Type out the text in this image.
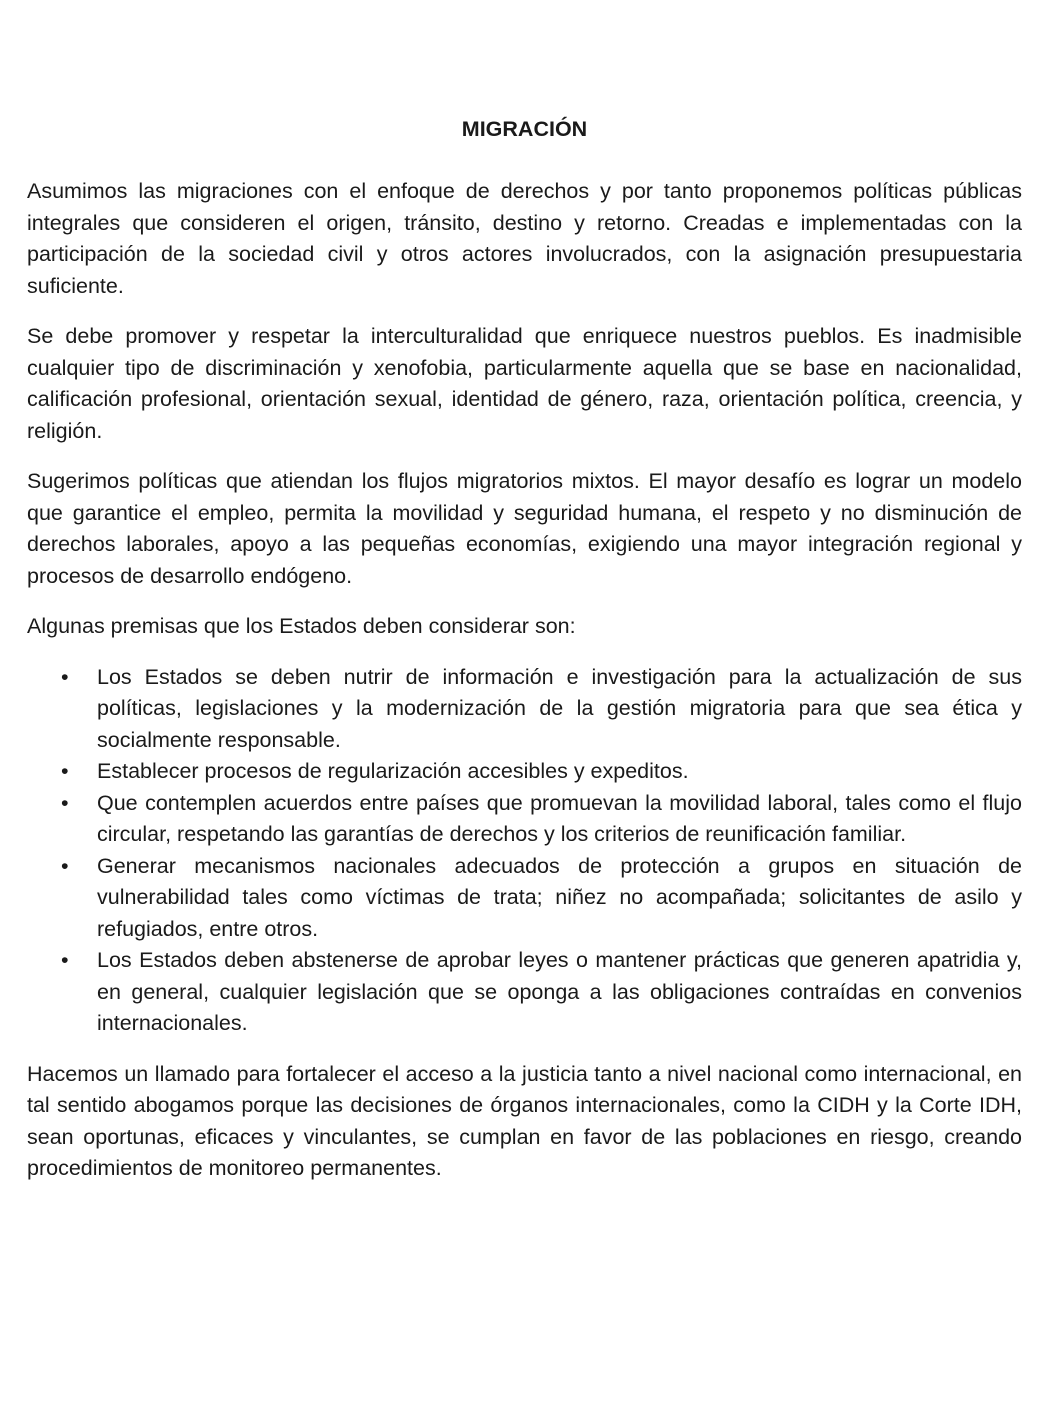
MIGRACIÓN

Asumimos las migraciones con el enfoque de derechos y por tanto proponemos políticas públicas integrales que consideren el origen, tránsito, destino y retorno. Creadas e implementadas con la participación de la sociedad civil y otros actores involucrados, con la asignación presupuestaria suficiente.

Se debe promover y respetar la interculturalidad que enriquece nuestros pueblos. Es inadmisible cualquier tipo de discriminación y xenofobia, particularmente aquella que se base en nacionalidad, calificación profesional, orientación sexual, identidad de género, raza, orientación política, creencia, y religión.

Sugerimos políticas que atiendan los flujos migratorios mixtos. El mayor desafío es lograr un modelo que garantice el empleo, permita la movilidad y seguridad humana, el respeto y no disminución de derechos laborales, apoyo a las pequeñas economías, exigiendo una mayor integración regional y procesos de desarrollo endógeno.

Algunas premisas que los Estados deben considerar son:

• Los Estados se deben nutrir de información e investigación para la actualización de sus políticas, legislaciones y la modernización de la gestión migratoria para que sea ética y socialmente responsable.
• Establecer procesos de regularización accesibles y expeditos.
• Que contemplen acuerdos entre países que promuevan la movilidad laboral, tales como el flujo circular, respetando las garantías de derechos y los criterios de reunificación familiar.
• Generar mecanismos nacionales adecuados de protección a grupos en situación de vulnerabilidad tales como víctimas de trata; niñez no acompañada; solicitantes de asilo y refugiados, entre otros.
• Los Estados deben abstenerse de aprobar leyes o mantener prácticas que generen apatridia y, en general, cualquier legislación que se oponga a las obligaciones contraídas en convenios internacionales.

Hacemos un llamado para fortalecer el acceso a la justicia tanto a nivel nacional como internacional, en tal sentido abogamos porque las decisiones de órganos internacionales, como la CIDH y la Corte IDH, sean oportunas, eficaces y vinculantes, se cumplan en favor de las poblaciones en riesgo, creando procedimientos de monitoreo permanentes.
